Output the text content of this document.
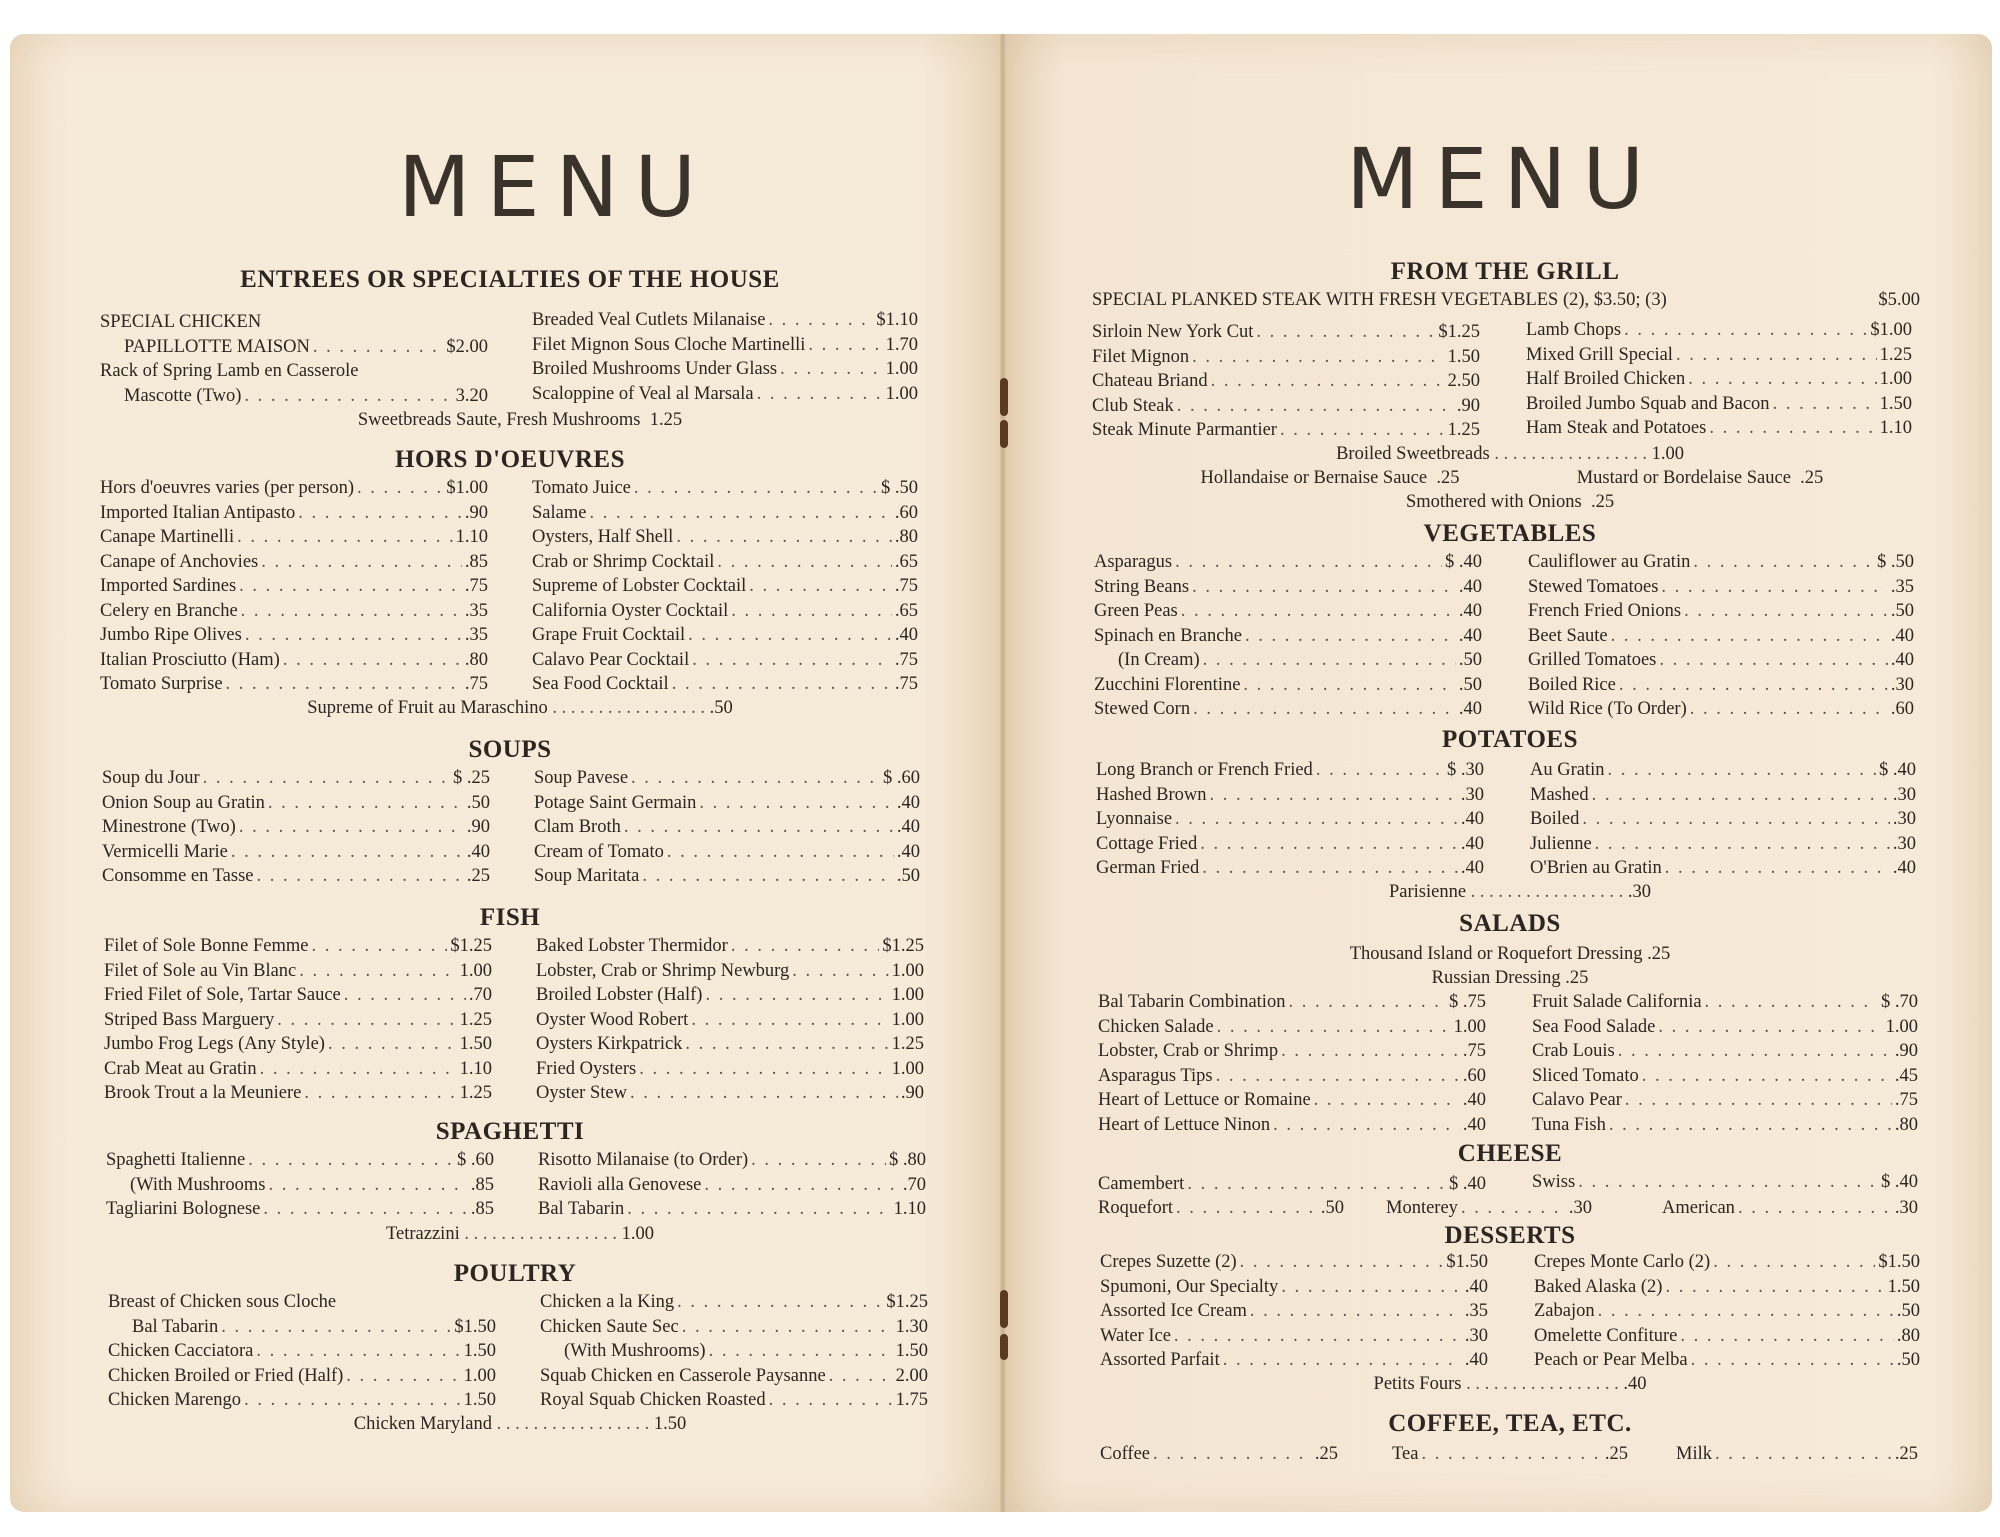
MENU
ENTREES OR SPECIALTIES OF THE HOUSE
SPECIAL CHICKEN
PAPILLOTTE MAISON . . .	$2.00
Rack of Spring Lamb en Casserole
Mascotte (Two) . . .	3.20
Breaded Veal Cutlets Milanaise . . .	$1.10
Filet Mignon Sous Cloche Martinelli . . .	1.70
Broiled Mushrooms Under Glass . . .	1.00
Scaloppine of Veal al Marsala . . .	1.00
Sweetbreads Saute, Fresh Mushrooms 1.25
HORS D'OEUVRES
Hors d'oeuvres varies (per person) . . .	$1.00
Imported Italian Antipasto . . .	.90
Canape Martinelli . . .	1.10
Canape of Anchovies . . .	.85
Imported Sardines . . .	.75
Celery en Branche . . .	.35
Jumbo Ripe Olives . . .	.35
Italian Prosciutto (Ham) . . .	.80
Tomato Surprise . . .	.75
Tomato Juice . . .	$ .50
Salame . . .	.60
Oysters, Half Shell . . .	.80
Crab or Shrimp Cocktail . . .	.65
Supreme of Lobster Cocktail . . .	.75
California Oyster Cocktail . . .	.65
Grape Fruit Cocktail . . .	.40
Calavo Pear Cocktail . . .	.75
Sea Food Cocktail . . .	.75
Supreme of Fruit au Maraschino . . .	.50
SOUPS
Soup du Jour . . .	$ .25
Onion Soup au Gratin . . .	.50
Minestrone (Two) . . .	.90
Vermicelli Marie . . .	.40
Consomme en Tasse . . .	.25
Soup Pavese . . .	$ .60
Potage Saint Germain . . .	.40
Clam Broth . . .	.40
Cream of Tomato . . .	.40
Soup Maritata . . .	.50
FISH
Filet of Sole Bonne Femme . . .	$1.25
Filet of Sole au Vin Blanc . . .	1.00
Fried Filet of Sole, Tartar Sauce . . .	.70
Striped Bass Marguery . . .	1.25
Jumbo Frog Legs (Any Style) . . .	1.50
Crab Meat au Gratin . . .	1.10
Brook Trout a la Meuniere . . .	1.25
Baked Lobster Thermidor . . .	$1.25
Lobster, Crab or Shrimp Newburg . . .	1.00
Broiled Lobster (Half) . . .	1.00
Oyster Wood Robert . . .	1.00
Oysters Kirkpatrick . . .	1.25
Fried Oysters . . .	1.00
Oyster Stew . . .	.90
SPAGHETTI
Spaghetti Italienne . . .	$ .60
(With Mushrooms . . .	.85
Tagliarini Bolognese . . .	.85
Risotto Milanaise (to Order) . . .	$ .80
Ravioli alla Genovese . . .	.70
Bal Tabarin . . .	1.10
Tetrazzini . . .	1.00
POULTRY
Breast of Chicken sous Cloche
Bal Tabarin . . .	$1.50
Chicken Cacciatora . . .	1.50
Chicken Broiled or Fried (Half) . . .	1.00
Chicken Marengo . . .	1.50
Chicken a la King . . .	$1.25
Chicken Saute Sec . . .	1.30
(With Mushrooms) . . .	1.50
Squab Chicken en Casserole Paysanne . . .	2.00
Royal Squab Chicken Roasted . . .	1.75
Chicken Maryland . . .	1.50
MENU
FROM THE GRILL
SPECIAL PLANKED STEAK WITH FRESH VEGETABLES (2), $3.50; (3)	$5.00
Sirloin New York Cut . . .	$1.25
Filet Mignon . . .	1.50
Chateau Briand . . .	2.50
Club Steak . . .	.90
Steak Minute Parmantier . . .	1.25
Lamb Chops . . .	$1.00
Mixed Grill Special . . .	1.25
Half Broiled Chicken . . .	1.00
Broiled Jumbo Squab and Bacon . . .	1.50
Ham Steak and Potatoes . . .	1.10
Broiled Sweetbreads . . .	1.00
Hollandaise or Bernaise Sauce .25	Mustard or Bordelaise Sauce .25
Smothered with Onions .25
VEGETABLES
Asparagus . . .	$ .40
String Beans . . .	.40
Green Peas . . .	.40
Spinach en Branche . . .	.40
(In Cream) . . .	.50
Zucchini Florentine . . .	.50
Stewed Corn . . .	.40
Cauliflower au Gratin . . .	$ .50
Stewed Tomatoes . . .	.35
French Fried Onions . . .	.50
Beet Saute . . .	.40
Grilled Tomatoes . . .	.40
Boiled Rice . . .	.30
Wild Rice (To Order) . . .	.60
POTATOES
Long Branch or French Fried . . .	$ .30
Hashed Brown . . .	.30
Lyonnaise . . .	.40
Cottage Fried . . .	.40
German Fried . . .	.40
Au Gratin . . .	$ .40
Mashed . . .	.30
Boiled . . .	.30
Julienne . . .	.30
O'Brien au Gratin . . .	.40
Parisienne . . .	.30
SALADS
Thousand Island or Roquefort Dressing .25
Russian Dressing .25
Bal Tabarin Combination . . .	$ .75
Chicken Salade . . .	1.00
Lobster, Crab or Shrimp . . .	.75
Asparagus Tips . . .	.60
Heart of Lettuce or Romaine . . .	.40
Heart of Lettuce Ninon . . .	.40
Fruit Salade California . . .	$ .70
Sea Food Salade . . .	1.00
Crab Louis . . .	.90
Sliced Tomato . . .	.45
Calavo Pear . . .	.75
Tuna Fish . . .	.80
CHEESE
Camembert . . .	$ .40 Swiss . . .	$ .40
Roquefort . . .	.50 Monterey . . .	.30	American . . .	.30
DESSERTS
Crepes Suzette (2) . . .	$1.50
Spumoni, Our Specialty . . .	.40
Assorted Ice Cream . . .	.35
Water Ice . . .	.30
Assorted Parfait . . .	.40
Crepes Monte Carlo (2) . . .	$1.50
Baked Alaska (2) . . .	1.50
Zabajon . . .	.50
Omelette Confiture . . .	.80
Peach or Pear Melba . . .	.50
Petits Fours . . .	.40
COFFEE, TEA, ETC.
Coffee . . .	.25	Tea . . .	.25	Milk . . .	.25
